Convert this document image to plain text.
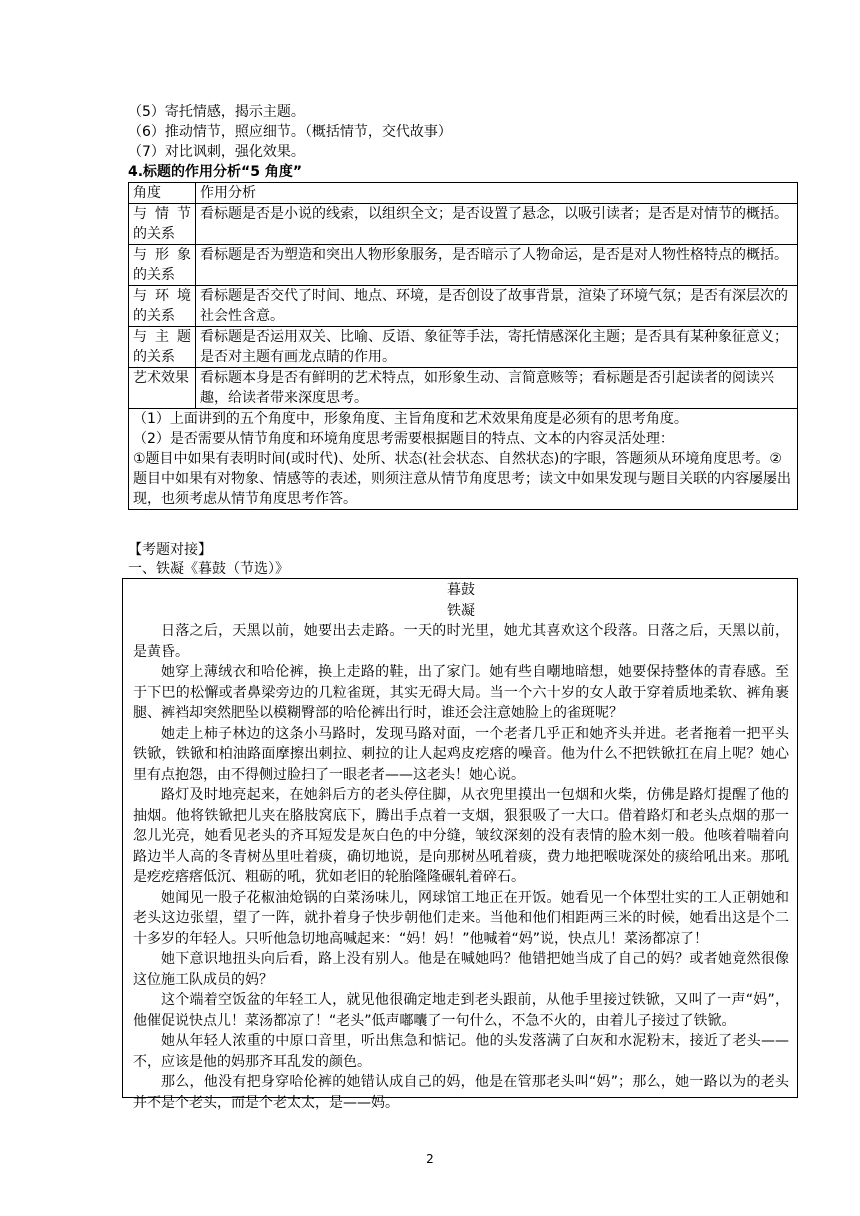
（5）寄托情感，揭示主题。
（6）推动情节，照应细节。（概括情节，交代故事）
（7）对比讽刺，强化效果。
4.标题的作用分析“5 角度”
角度	作用分析
与 情 节的关系	看标题是否是小说的线索，以组织全文；是否设置了悬念，以吸引读者；是否是对情节的概括。
与 形 象的关系	看标题是否为塑造和突出人物形象服务，是否暗示了人物命运，是否是对人物性格特点的概括。
与 环 境的关系	看标题是否交代了时间、地点、环境，是否创设了故事背景，渲染了环境气氛；是否有深层次的社会性含意。
与 主 题的关系	看标题是否运用双关、比喻、反语、象征等手法，寄托情感深化主题；是否具有某种象征意义；是否对主题有画龙点睛的作用。
艺术效果	看标题本身是否有鲜明的艺术特点，如形象生动、言简意赅等；看标题是否引起读者的阅读兴趣，给读者带来深度思考。

（1）上面讲到的五个角度中，形象角度、主旨角度和艺术效果角度是必须有的思考角度。
（2）是否需要从情节角度和环境角度思考需要根据题目的特点、文本的内容灵活处理：
①题目中如果有表明时间(或时代)、处所、状态(社会状态、自然状态)的字眼，答题须从环境角度思考。②题目中如果有对物象、情感等的表述，则须注意从情节角度思考；读文中如果发现与题目关联的内容屡屡出现，也须考虑从情节角度思考作答。	
【考题对接】
一、铁凝《暮鼓（节选）》
暮鼓
铁凝

日落之后，天黑以前，她要出去走路。一天的时光里，她尤其喜欢这个段落。日落之后，天黑以前，是黄昏。

她穿上薄绒衣和哈伦裤，换上走路的鞋，出了家门。她有些自嘲地暗想，她要保持整体的青春感。至于下巴的松懈或者鼻梁旁边的几粒雀斑，其实无碍大局。当一个六十岁的女人敢于穿着质地柔软、裤角裹腿、裤裆却突然肥坠以模糊臀部的哈伦裤出行时，谁还会注意她脸上的雀斑呢？

她走上柿子林边的这条小马路时，发现马路对面，一个老者几乎正和她齐头并进。老者拖着一把平头铁锨，铁锨和柏油路面摩擦出刺拉、刺拉的让人起鸡皮疙瘩的噪音。他为什么不把铁锨扛在肩上呢？她心里有点抱怨，由不得侧过脸扫了一眼老者——这老头！她心说。

路灯及时地亮起来，在她斜后方的老头停住脚，从衣兜里摸出一包烟和火柴，仿佛是路灯提醒了他的抽烟。他将铁锨把儿夹在胳肢窝底下，腾出手点着一支烟，狠狠吸了一大口。借着路灯和老头点烟的那一忽儿光亮，她看见老头的齐耳短发是灰白色的中分缝，皱纹深刻的没有表情的脸木刻一般。他咳着喘着向路边半人高的冬青树丛里吐着痰，确切地说，是向那树丛吼着痰，费力地把喉咙深处的痰给吼出来。那吼是疙疙瘩瘩低沉、粗砺的吼，犹如老旧的轮胎隆隆碾轧着碎石。

她闻见一股子花椒油炝锅的白菜汤味儿，网球馆工地正在开饭。她看见一个体型壮实的工人正朝她和老头这边张望，望了一阵，就扑着身子快步朝他们走来。当他和他们相距两三米的时候，她看出这是个二十多岁的年轻人。只听他急切地高喊起来：“妈！妈！”他喊着“妈”说，快点儿！菜汤都凉了！

她下意识地扭头向后看，路上没有别人。他是在喊她吗？他错把她当成了自己的妈？或者她竟然很像这位施工队成员的妈？

这个端着空饭盆的年轻工人，就见他很确定地走到老头跟前，从他手里接过铁锨，又叫了一声“妈”，他催促说快点儿！菜汤都凉了！“老头”低声嘟囔了一句什么，不急不火的，由着儿子接过了铁锨。

她从年轻人浓重的中原口音里，听出焦急和惦记。他的头发落满了白灰和水泥粉末，接近了老头——不，应该是他的妈那齐耳乱发的颜色。

那么，他没有把身穿哈伦裤的她错认成自己的妈，他是在管那老头叫“妈”；那么，她一路以为的老头并不是个老头，而是个老太太，是——妈。

2
